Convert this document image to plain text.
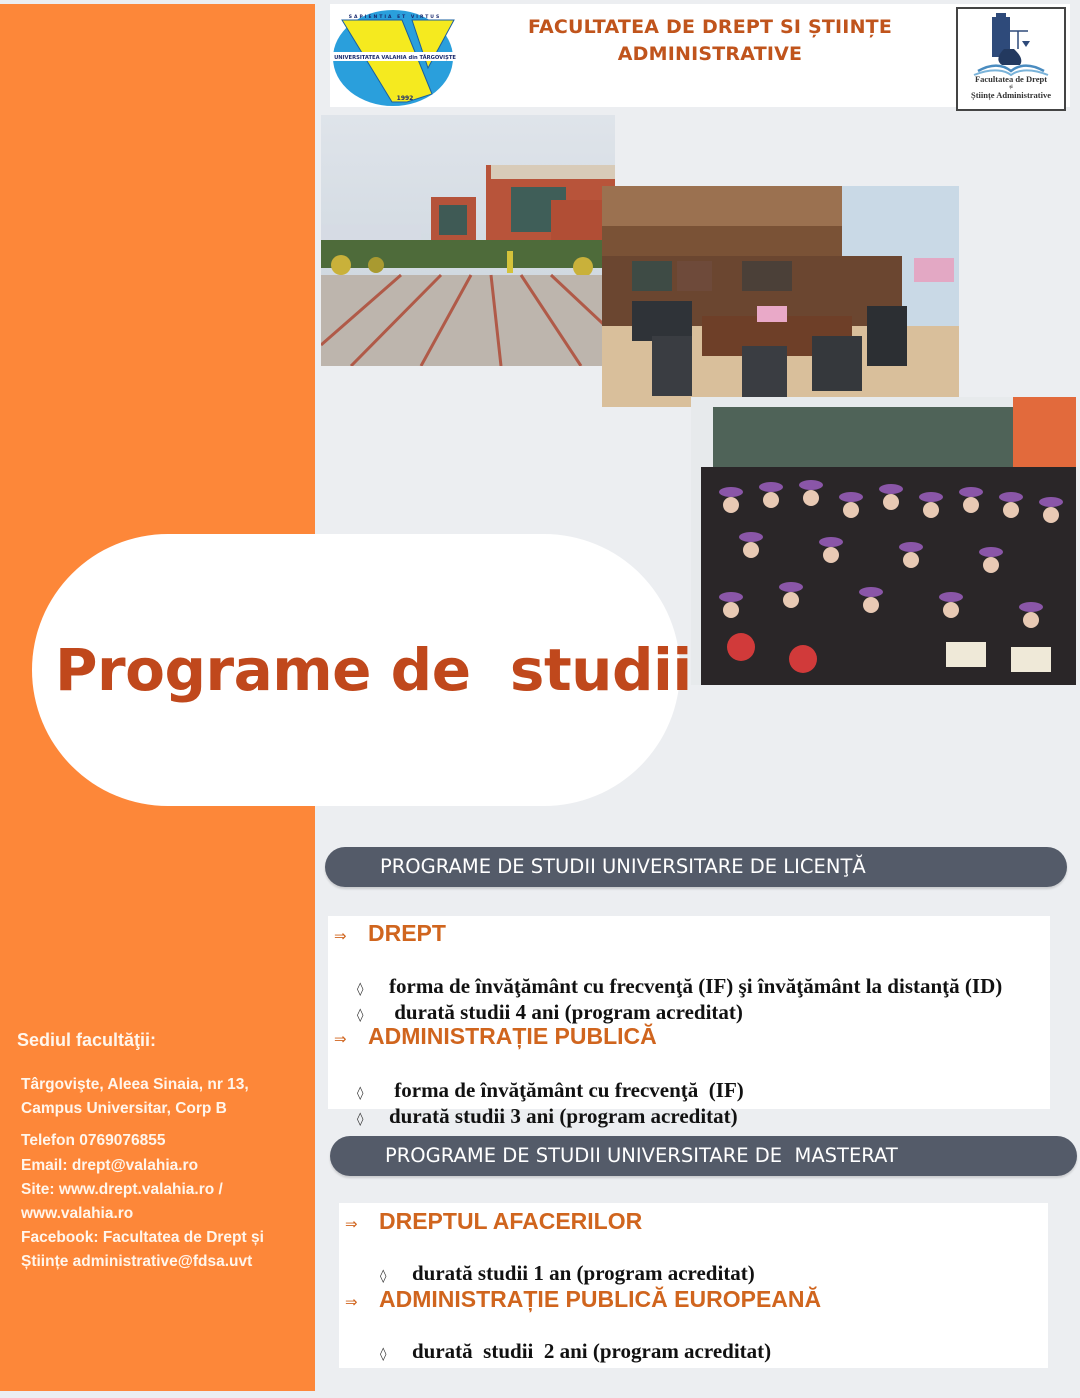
UNIVERSITATEA VALAHIA din TÂRGOVIȘTE
SAPIENTIA ET VIRTUS
1992
FACULTATEA DE DREPT SI ȘTIINȚE
ADMINISTRATIVE
Facultatea de Drept
și
Științe Administrative
Programe de  studii
PROGRAME DE STUDII UNIVERSITARE DE LICENŢĂ
⇒ DREPT

◊ forma de învăţământ cu frecvenţă (IF) şi învăţământ la distanţă (ID)

◊ durată studii 4 ani (program acreditat)

⇒ ADMINISTRAȚIE PUBLICĂ

◊ forma de învăţământ cu frecvenţă  (IF)

◊ durată studii 3 ani (program acreditat)

PROGRAME DE STUDII UNIVERSITARE DE  MASTERAT
⇒ DREPTUL AFACERILOR

◊ durată studii 1 an (program acreditat)

⇒ ADMINISTRAȚIE PUBLICĂ EUROPEANĂ

◊ durată  studii  2 ani (program acreditat)

Sediul facultăţii:
Târgovişte, Aleea Sinaia, nr 13,
Campus Universitar, Corp B
Telefon 0769076855
Email: drept@valahia.ro
Site: www.drept.valahia.ro /
www.valahia.ro
Facebook: Facultatea de Drept și
Științe administrative@fdsa.uvt
